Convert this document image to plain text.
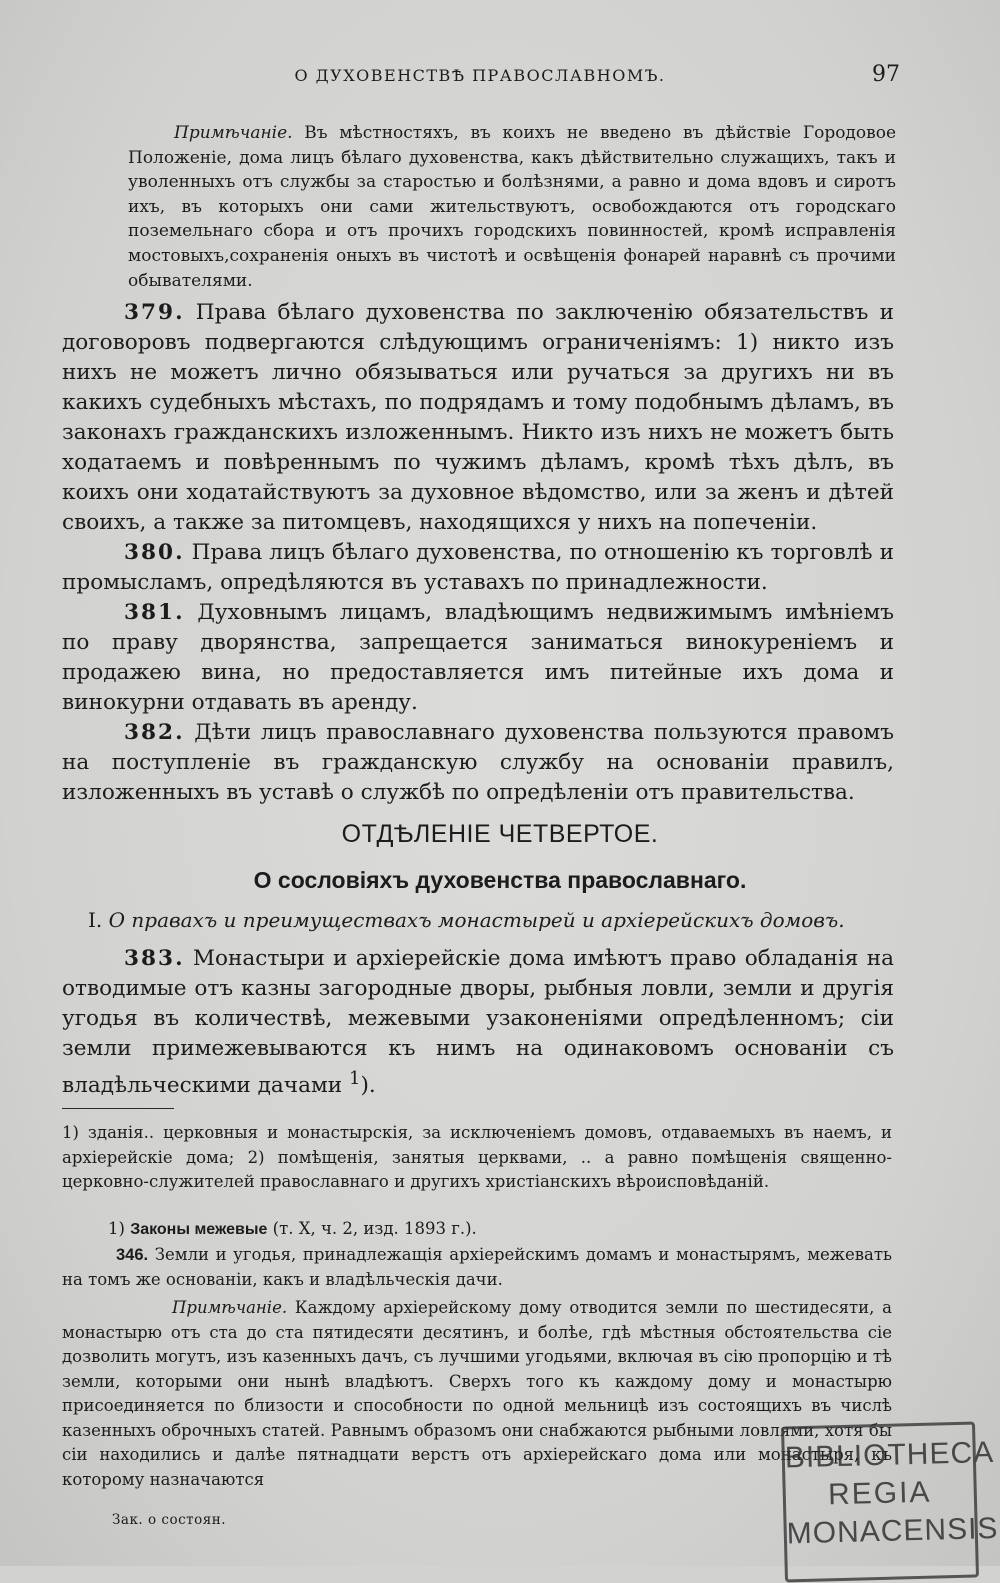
О ДУХОВЕНСТВѢ ПРАВОСЛАВНОМЪ.	97
Примѣчаніе. Въ мѣстностяхъ, въ коихъ не введено въ дѣйствіе Городовое Положеніе, дома лицъ бѣлаго духовенства, какъ дѣйствительно служащихъ, такъ и уволенныхъ отъ службы за старостью и болѣзнями, а равно и дома вдовъ и сиротъ ихъ, въ которыхъ они сами жительствуютъ, освобождаются отъ городскаго поземельнаго сбора и отъ прочихъ городскихъ повинностей, кромѣ исправленія мостовыхъ,сохраненія оныхъ въ чистотѣ и освѣщенія фонарей наравнѣ съ прочими обывателями.

379. Права бѣлаго духовенства по заключенію обязательствъ и договоровъ подвергаются слѣдующимъ ограниченіямъ: 1) никто изъ нихъ не можетъ лично обязываться или ручаться за другихъ ни въ какихъ судебныхъ мѣстахъ, по подрядамъ и тому подобнымъ дѣламъ, въ законахъ гражданскихъ изложеннымъ. Никто изъ нихъ не можетъ быть ходатаемъ и повѣреннымъ по чужимъ дѣламъ, кромѣ тѣхъ дѣлъ, въ коихъ они ходатайствуютъ за духовное вѣдомство, или за женъ и дѣтей своихъ, а также за питомцевъ, находящихся у нихъ на попеченіи.

380. Права лицъ бѣлаго духовенства, по отношенію къ торговлѣ и промысламъ, опредѣляются въ уставахъ по принадлежности.

381. Духовнымъ лицамъ, владѣющимъ недвижимымъ имѣніемъ по праву дворянства, запрещается заниматься винокуреніемъ и продажею вина, но предоставляется имъ питейные ихъ дома и винокурни отдавать въ аренду.

382. Дѣти лицъ православнаго духовенства пользуются правомъ на поступленіе въ гражданскую службу на основаніи правилъ, изложенныхъ въ уставѣ о службѣ по опредѣленіи отъ правительства.

ОТДѢЛЕНІЕ ЧЕТВЕРТОЕ.
О сословіяхъ духовенства православнаго.
I. О правахъ и преимуществахъ монастырей и архіерейскихъ домовъ.

383. Монастыри и архіерейскіе дома имѣютъ право обладанія на отводимые отъ казны загородные дворы, рыбныя ловли, земли и другія угодья въ количествѣ, межевыми узаконеніями опредѣленномъ; сіи земли примежевываются къ нимъ на одинаковомъ основаніи съ владѣльческими дачами $^1$).

1) зданія.. церковныя и монастырскія, за исключеніемъ домовъ, отдаваемыхъ въ наемъ, и архіерейскіе дома; 2) помѣщенія, занятыя церквами, .. а равно помѣщенія священно-церковно-служителей православнаго и другихъ христіанскихъ вѣроисповѣданій.
1) Законы межевые (т. X, ч. 2, изд. 1893 г.).
346. Земли и угодья, принадлежащія архіерейскимъ домамъ и монастырямъ, межевать на томъ же основаніи, какъ и владѣльческія дачи.
Примѣчаніе. Каждому архіерейскому дому отводится земли по шестидесяти, а монастырю отъ ста до ста пятидесяти десятинъ, и болѣе, гдѣ мѣстныя обстоятельства сіе дозволить могутъ, изъ казенныхъ дачъ, съ лучшими угодьями, включая въ сію пропорцію и тѣ земли, которыми они нынѣ владѣютъ. Сверхъ того къ каждому дому и монастырю присоединяется по близости и способности по одной мельницѣ изъ состоящихъ въ числѣ казенныхъ оброчныхъ статей. Равнымъ образомъ они снабжаются рыбными ловлями, хотя бы сіи находились и далѣе пятнадцати верстъ отъ архіерейскаго дома или монастыря, къ которому назначаются
Зак. о состоян.
BIBLIOTHECA
REGIA
MONACENSIS
